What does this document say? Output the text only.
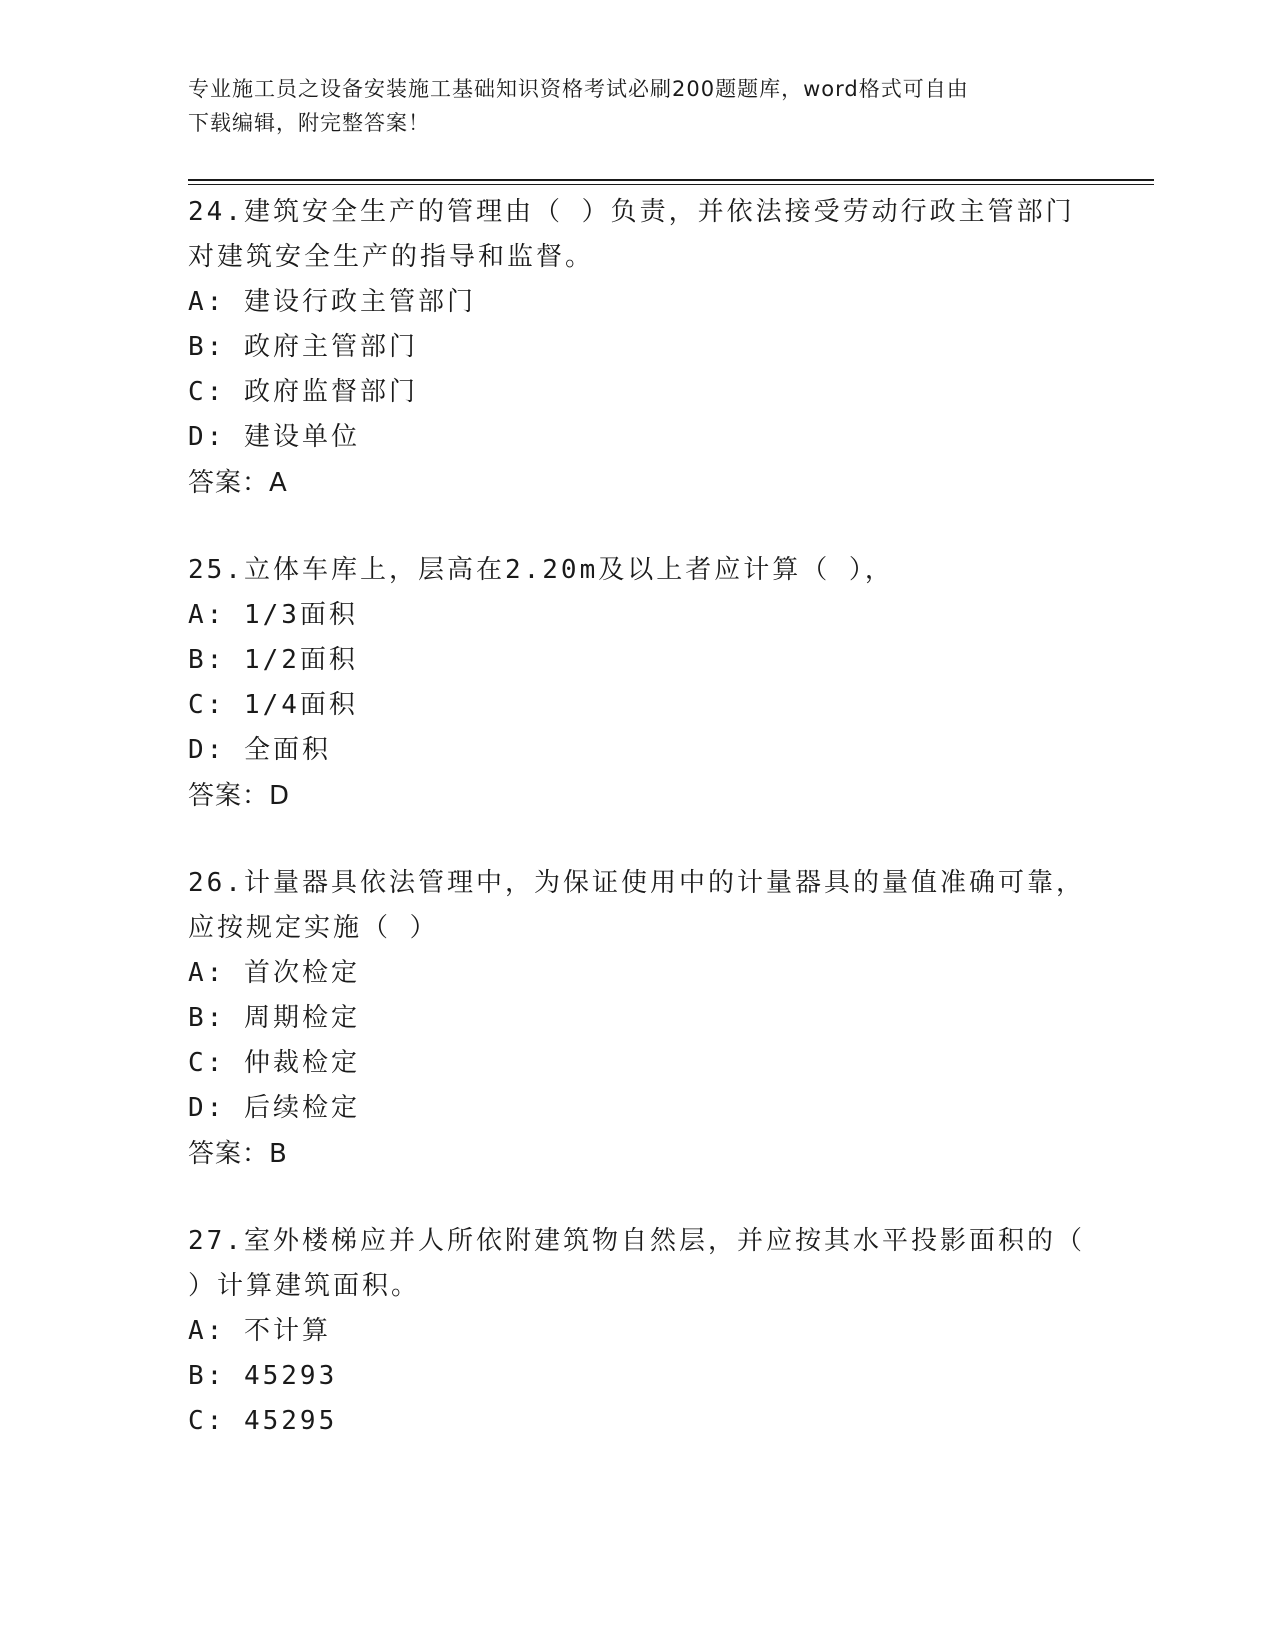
专业施工员之设备安装施工基础知识资格考试必刷200题题库，word格式可自由
下载编辑，附完整答案！

24.建筑安全生产的管理由（ ）负责，并依法接受劳动行政主管部门

对建筑安全生产的指导和监督。

A: 建设行政主管部门

B: 政府主管部门

C: 政府监督部门

D: 建设单位

答案：A

25.立体车库上，层高在2.20m及以上者应计算（ ），

A: 1/3面积

B: 1/2面积

C: 1/4面积

D: 全面积

答案：D

26.计量器具依法管理中，为保证使用中的计量器具的量值准确可靠，

应按规定实施（ ）

A: 首次检定

B: 周期检定

C: 仲裁检定

D: 后续检定

答案：B

27.室外楼梯应并人所依附建筑物自然层，并应按其水平投影面积的（

）计算建筑面积。

A: 不计算

B: 45293

C: 45295
